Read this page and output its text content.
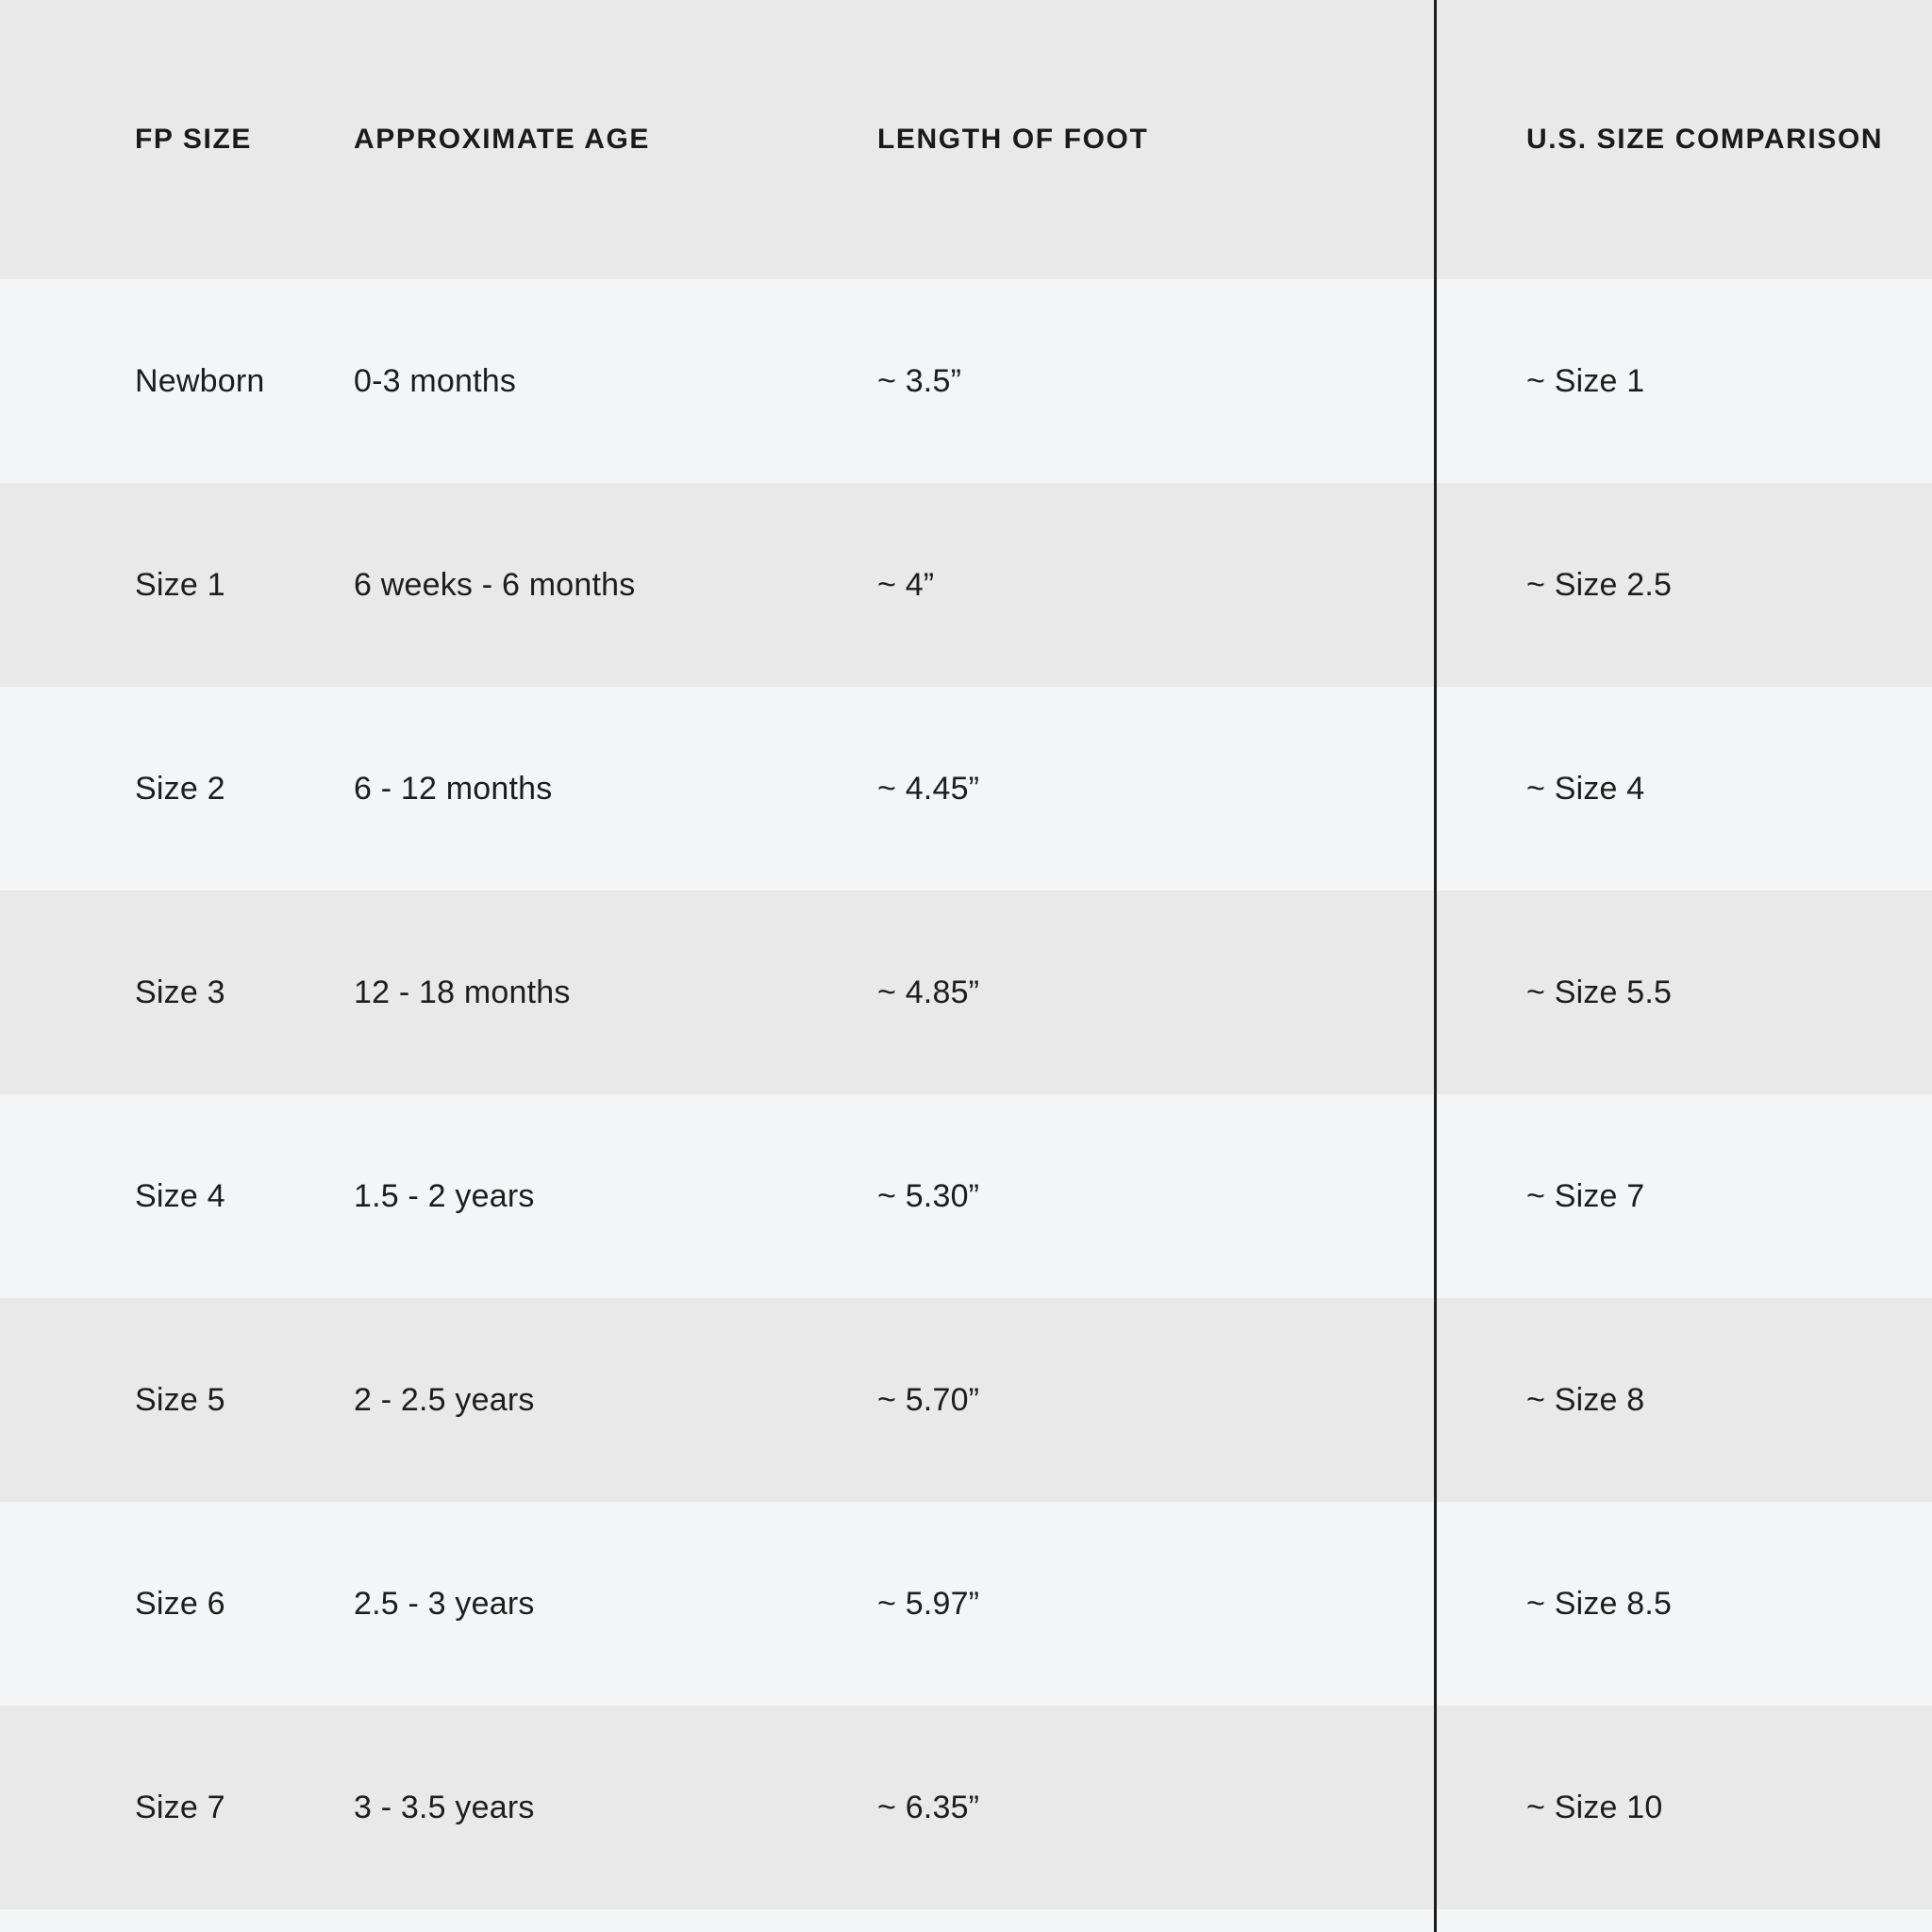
FP SIZE	APPROXIMATE AGE	LENGTH OF FOOT	U.S. SIZE COMPARISON
Newborn	0-3 months	~ 3.5”	~ Size 1
Size 1	6 weeks - 6 months	~ 4”	~ Size 2.5
Size 2	6 - 12 months	~ 4.45”	~ Size 4
Size 3	12 - 18 months	~ 4.85”	~ Size 5.5
Size 4	1.5 - 2 years	~ 5.30”	~ Size 7
Size 5	2 - 2.5 years	~ 5.70”	~ Size 8
Size 6	2.5 - 3 years	~ 5.97”	~ Size 8.5
Size 7	3 - 3.5 years	~ 6.35”	~ Size 10
